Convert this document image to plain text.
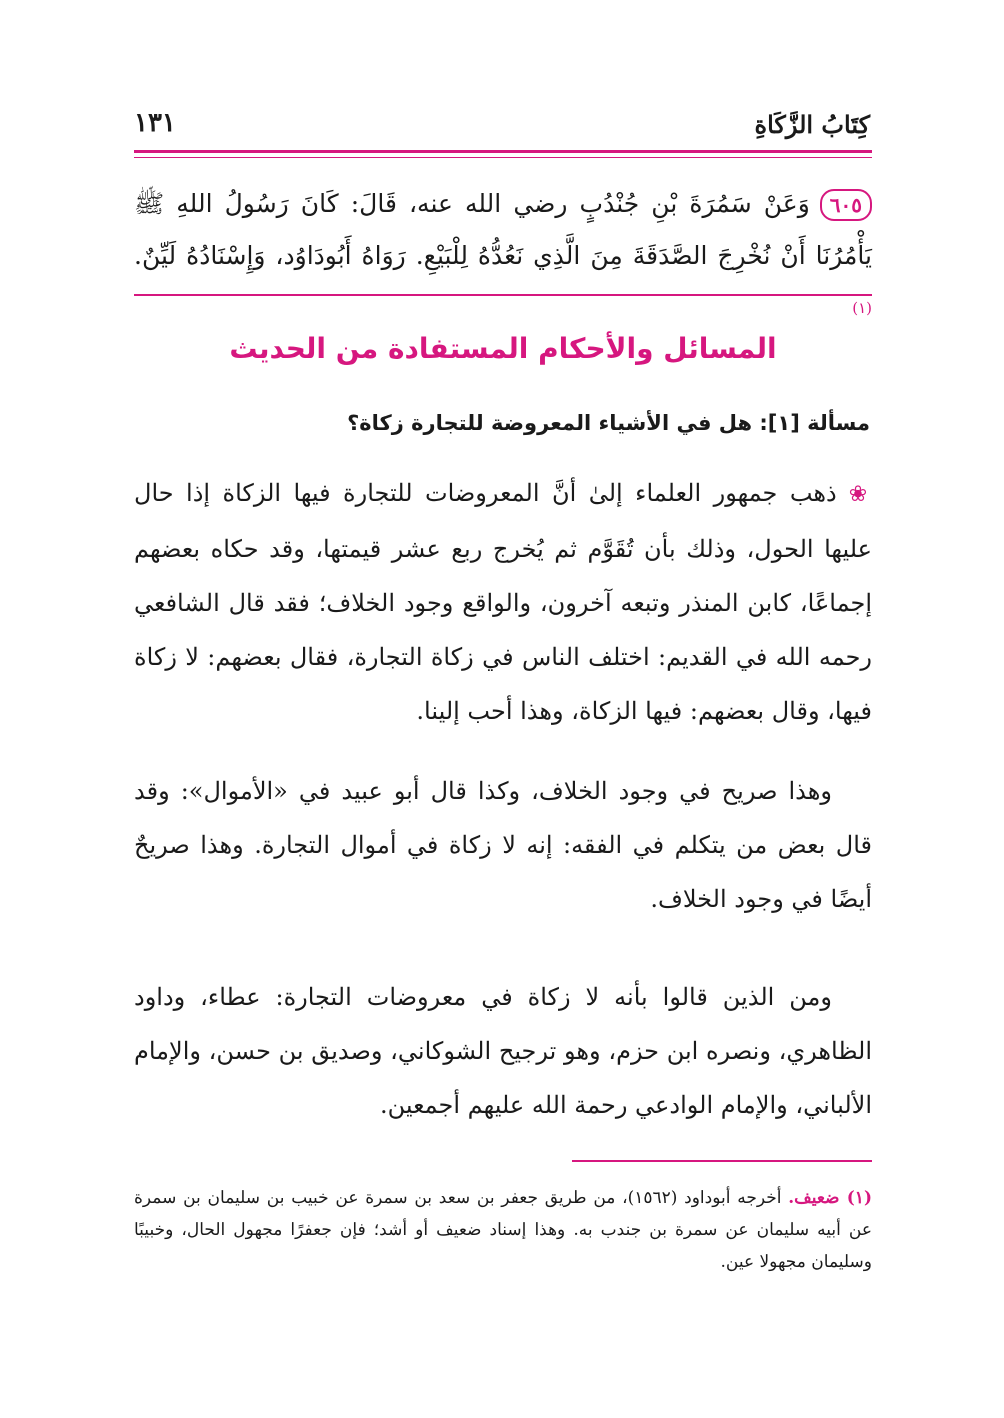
كِتَابُ الزَّكَاةِ
١٣١
٦٠٥وَعَنْ سَمُرَةَ بْنِ جُنْدُبٍ رضي الله عنه، قَالَ: كَانَ رَسُولُ اللهِ ﷺ يَأْمُرُنَا أَنْ نُخْرِجَ الصَّدَقَةَ مِنَ الَّذِي نَعُدُّهُ لِلْبَيْعِ. رَوَاهُ أَبُودَاوُد، وَإِسْنَادُهُ لَيِّنٌ. $^{(١)}$
المسائل والأحكام المستفادة من الحديث
مسألة [١]: هل في الأشياء المعروضة للتجارة زكاة؟
❀ذهب جمهور العلماء إلىٰ أنَّ المعروضات للتجارة فيها الزكاة إذا حال عليها الحول، وذلك بأن تُقَوَّم ثم يُخرج ربع عشر قيمتها، وقد حكاه بعضهم إجماعًا، كابن المنذر وتبعه آخرون، والواقع وجود الخلاف؛ فقد قال الشافعي رحمه الله في القديم: اختلف الناس في زكاة التجارة، فقال بعضهم: لا زكاة فيها، وقال بعضهم: فيها الزكاة، وهذا أحب إلينا.

وهذا صريح في وجود الخلاف، وكذا قال أبو عبيد في «الأموال»: وقد قال بعض من يتكلم في الفقه: إنه لا زكاة في أموال التجارة. وهذا صريحٌ أيضًا في وجود الخلاف.

ومن الذين قالوا بأنه لا زكاة في معروضات التجارة: عطاء، وداود الظاهري، ونصره ابن حزم، وهو ترجيح الشوكاني، وصديق بن حسن، والإمام الألباني، والإمام الوادعي رحمة الله عليهم أجمعين.

(١) ضعيف. أخرجه أبوداود (١٥٦٢)، من طريق جعفر بن سعد بن سمرة عن خبيب بن سليمان بن سمرة عن أبيه سليمان عن سمرة بن جندب به. وهذا إسناد ضعيف أو أشد؛ فإن جعفرًا مجهول الحال، وخبيبًا وسليمان مجهولا عين.
